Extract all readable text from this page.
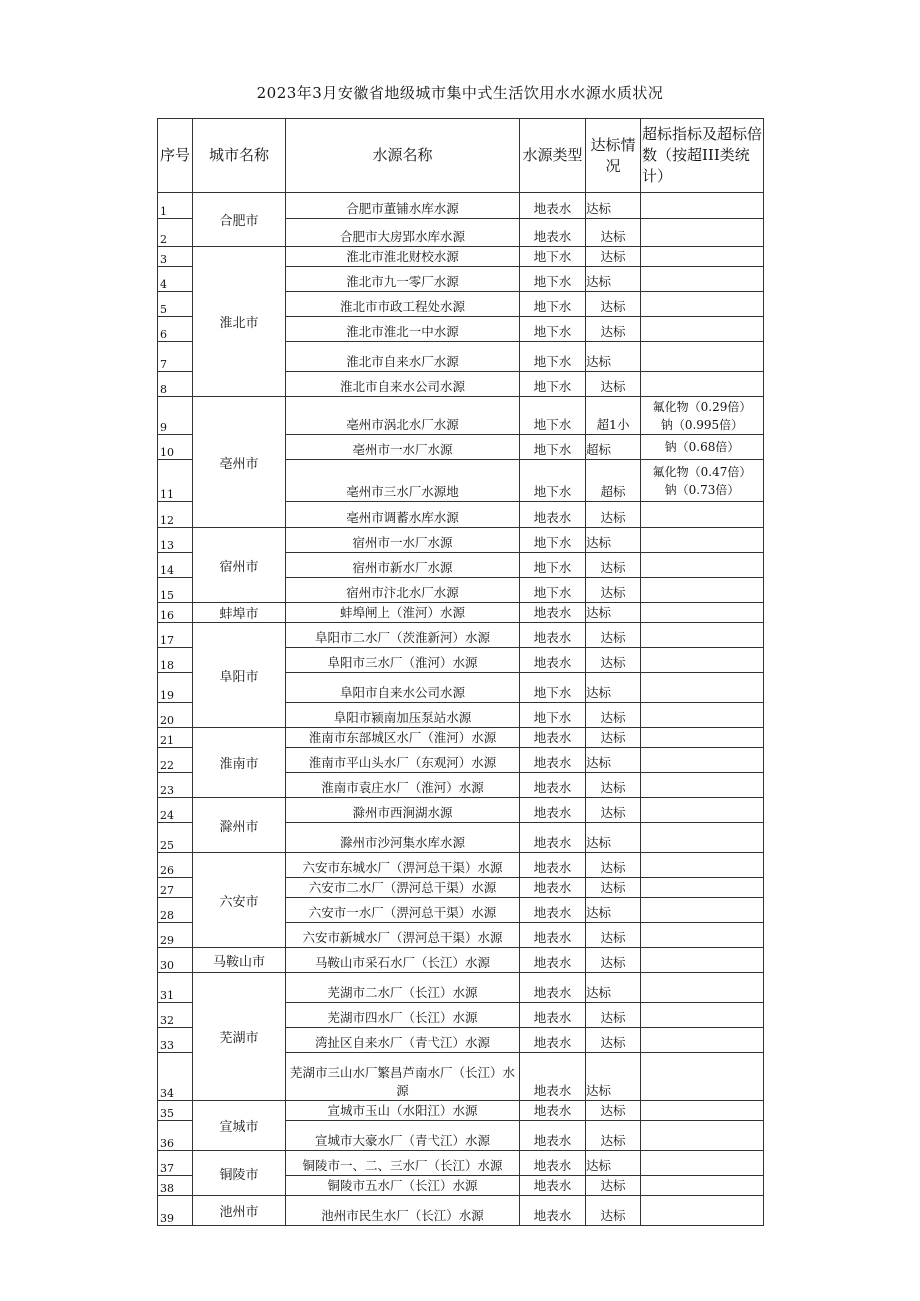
2023年3月安徽省地级城市集中式生活饮用水水源水质状况
序号	城市名称	水源名称	水源类型	达标情况	超标指标及超标倍数（按超III类统计）
1	合肥市	合肥市董铺水库水源	地表水	达标	
2		合肥市大房郢水库水源	地表水	达标	
3	淮北市	淮北市淮北财校水源	地下水	达标	
4		淮北市九一零厂水源	地下水	达标	
5		淮北市市政工程处水源	地下水	达标	
6		淮北市淮北一中水源	地下水	达标	
7		淮北市自来水厂水源	地下水	达标	
8		淮北市自来水公司水源	地下水	达标	
9	亳州市	亳州市涡北水厂水源	地下水	超1小	氟化物（0.29倍）
钠（0.995倍）

10		亳州市一水厂水源	地下水	超标	钠（0.68倍）

11		亳州市三水厂水源地	地下水	超标	氟化物（0.47倍）
钠（0.73倍）

12		亳州市调蓄水库水源	地表水	达标	
13	宿州市	宿州市一水厂水源	地下水	达标	
14		宿州市新水厂水源	地下水	达标	
15		宿州市汴北水厂水源	地下水	达标	
16	蚌埠市	蚌埠闸上（淮河）水源	地表水	达标	
17	阜阳市	阜阳市二水厂（茨淮新河）水源	地表水	达标	
18		阜阳市三水厂（淮河）水源	地表水	达标	
19		阜阳市自来水公司水源	地下水	达标	
20		阜阳市颍南加压泵站水源	地下水	达标	
21	淮南市	淮南市东部城区水厂（淮河）水源	地表水	达标	
22		淮南市平山头水厂（东观河）水源	地表水	达标	
23		淮南市袁庄水厂（淮河）水源	地表水	达标	
24	滁州市	滁州市西涧湖水源	地表水	达标	
25		滁州市沙河集水库水源	地表水	达标	
26	六安市	六安市东城水厂（淠河总干渠）水源	地表水	达标	
27		六安市二水厂（淠河总干渠）水源	地表水	达标	
28		六安市一水厂（淠河总干渠）水源	地表水	达标	
29		六安市新城水厂（淠河总干渠）水源	地表水	达标	
30	马鞍山市	马鞍山市采石水厂（长江）水源	地表水	达标	
31	芜湖市	芜湖市二水厂（长江）水源	地表水	达标	
32		芜湖市四水厂（长江）水源	地表水	达标	
33		湾扯区自来水厂（青弋江）水源	地表水	达标	
34		芜湖市三山水厂繁昌芦南水厂（长江）水源	地表水	达标	
35	宣城市	宣城市玉山（水阳江）水源	地表水	达标	
36		宣城市大豪水厂（青弋江）水源	地表水	达标	
37	铜陵市	铜陵市一、二、三水厂（长江）水源	地表水	达标	
38		铜陵市五水厂（长江）水源	地表水	达标	
39	池州市	池州市民生水厂（长江）水源	地表水	达标	
